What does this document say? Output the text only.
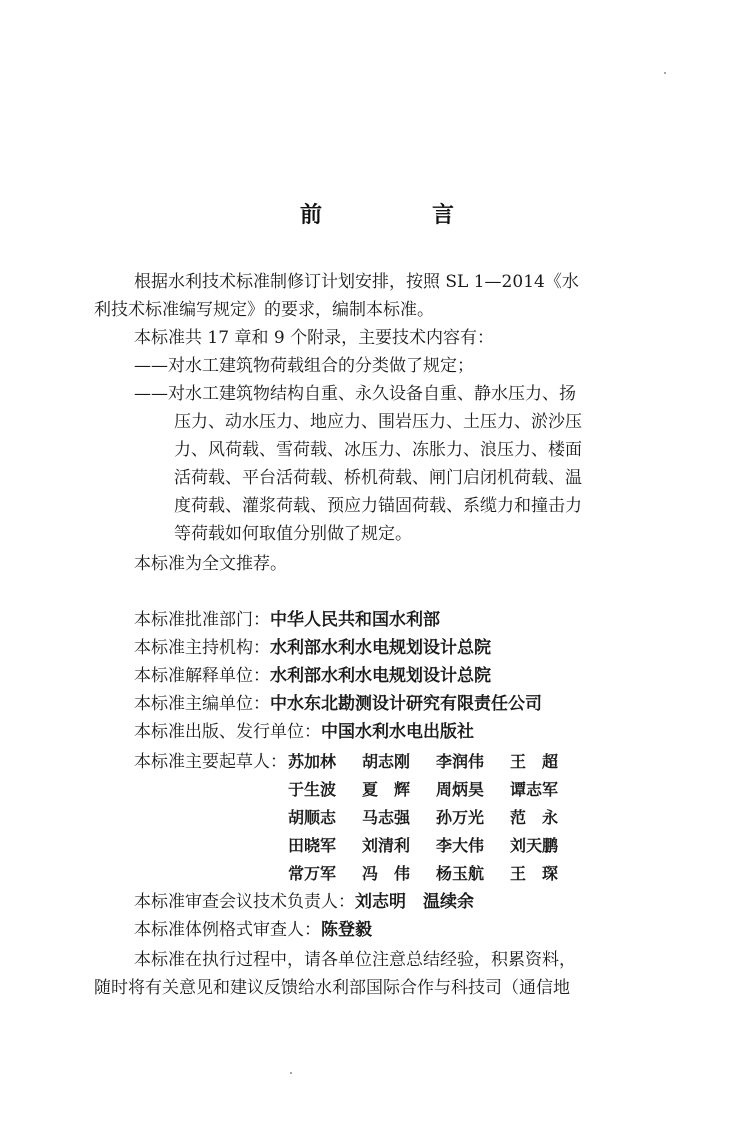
前　言
根据水利技术标准制修订计划安排，按照 SL 1—2014《水
利技术标准编写规定》的要求，编制本标准。
本标准共 17 章和 9 个附录，主要技术内容有：
——对水工建筑物荷载组合的分类做了规定；
——对水工建筑物结构自重、永久设备自重、静水压力、扬
压力、动水压力、地应力、围岩压力、土压力、淤沙压
力、风荷载、雪荷载、冰压力、冻胀力、浪压力、楼面
活荷载、平台活荷载、桥机荷载、闸门启闭机荷载、温
度荷载、灌浆荷载、预应力锚固荷载、系缆力和撞击力
等荷载如何取值分别做了规定。
本标准为全文推荐。
本标准批准部门：中华人民共和国水利部
本标准主持机构：水利部水利水电规划设计总院
本标准解释单位：水利部水利水电规划设计总院
本标准主编单位：中水东北勘测设计研究有限责任公司
本标准出版、发行单位：中国水利水电出版社
本标准主要起草人： 苏加林 胡志刚 李润伟 王　超
于生波 夏　辉 周炳昊 谭志军
胡顺志 马志强 孙万光 范　永
田晓军 刘清利 李大伟 刘天鹏
常万军 冯　伟 杨玉航 王　琛
本标准审查会议技术负责人：刘志明　温续余
本标准体例格式审查人：陈登毅
本标准在执行过程中，请各单位注意总结经验，积累资料，
随时将有关意见和建议反馈给水利部国际合作与科技司（通信地
